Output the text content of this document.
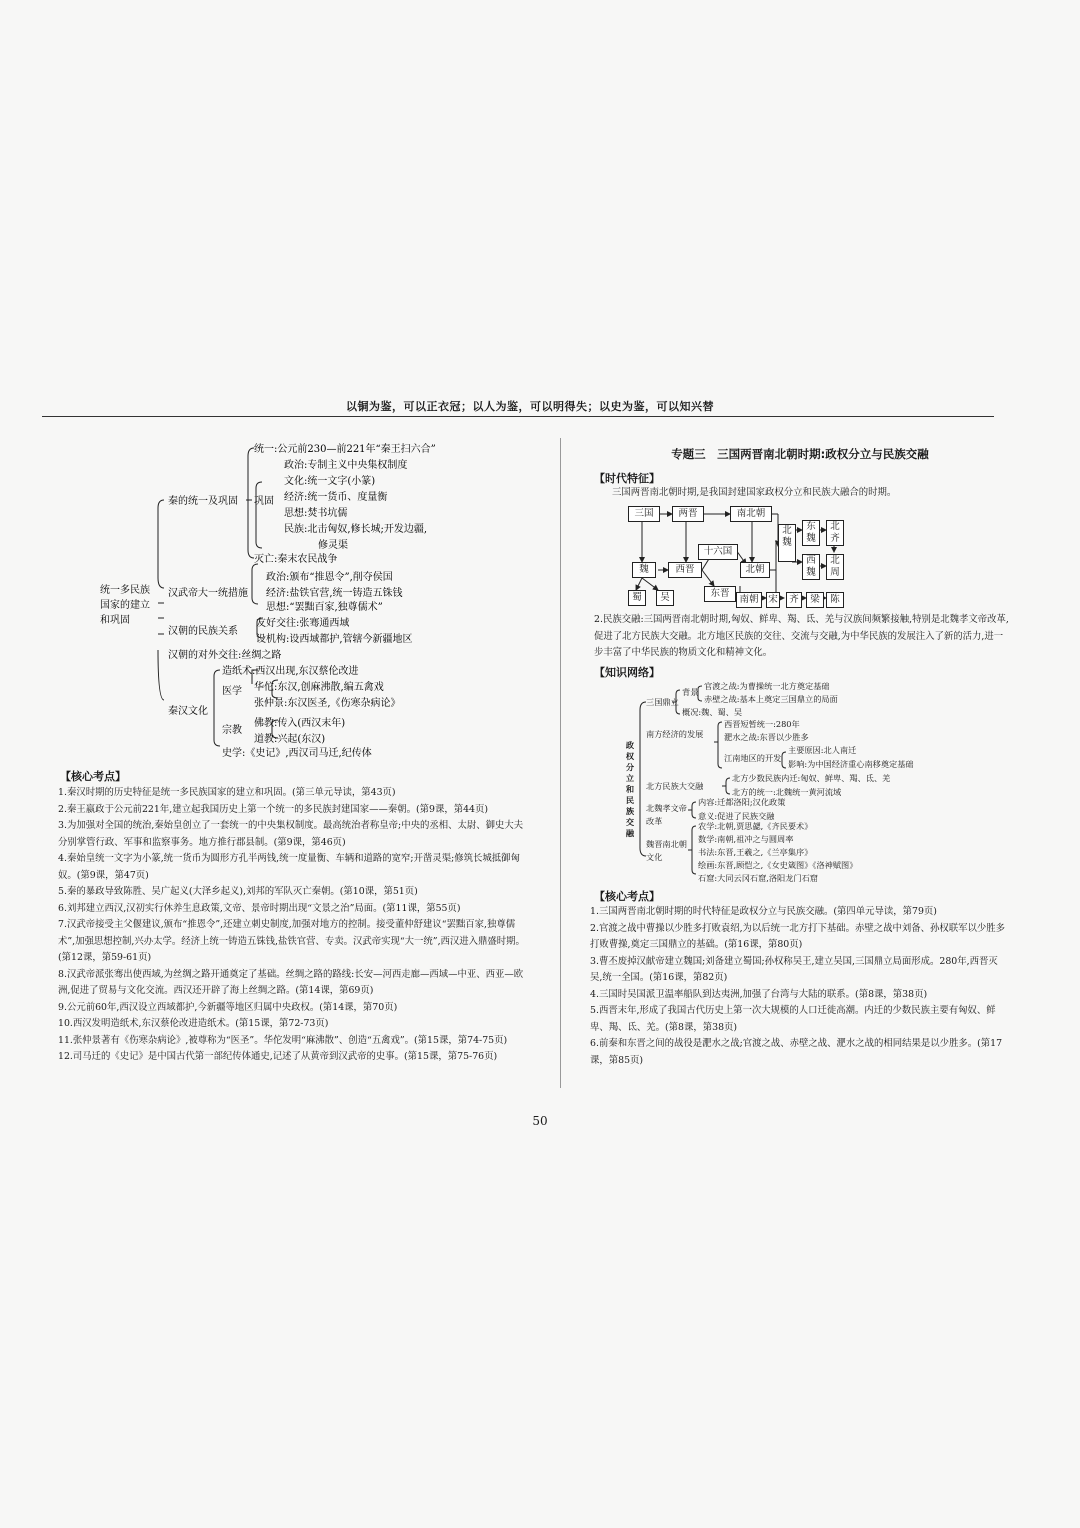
以铜为鉴，可以正衣冠；以人为鉴，可以明得失；以史为鉴，可以知兴替
统一多民族
国家的建立
和巩固
秦的统一及巩固
统一:公元前230—前221年“秦王扫六合”
巩固
政治:专制主义中央集权制度
文化:统一文字(小篆)
经济:统一货币、度量衡
思想:焚书坑儒
民族:北击匈奴,修长城;开发边疆,
修灵渠
灭亡:秦末农民战争
汉武帝大一统措施
政治:颁布“推恩令”,削夺侯国
经济:盐铁官营,统一铸造五铢钱
思想:“罢黜百家,独尊儒术”
汉朝的民族关系
友好交往:张骞通西域
设机构:设西域都护,管辖今新疆地区
汉朝的对外交往:丝绸之路
秦汉文化
造纸术:西汉出现,东汉蔡伦改进
医学 华佗:东汉,创麻沸散,编五禽戏
张仲景:东汉医圣,《伤寒杂病论》
宗教
佛教:传入(西汉末年)
道教:兴起(东汉)
史学:《史记》,西汉司马迁,纪传体
【核心考点】
1.秦汉时期的历史特征是统一多民族国家的建立和巩固。(第三单元导读，第43页)
2.秦王嬴政于公元前221年,建立起我国历史上第一个统一的多民族封建国家——秦朝。(第9课，第44页)
3.为加强对全国的统治,秦始皇创立了一套统一的中央集权制度。最高统治者称皇帝;中央的丞相、太尉、御史大夫分别掌管行政、军事和监察事务。地方推行郡县制。(第9课，第46页)
4.秦始皇统一文字为小篆,统一货币为圆形方孔半两钱,统一度量衡、车辆和道路的宽窄;开凿灵渠;修筑长城抵御匈奴。(第9课，第47页)
5.秦的暴政导致陈胜、吴广起义(大泽乡起义),刘邦的军队灭亡秦朝。(第10课，第51页)
6.刘邦建立西汉,汉初实行休养生息政策,文帝、景帝时期出现“文景之治”局面。(第11课，第55页)
7.汉武帝接受主父偃建议,颁布“推恩令”,还建立刺史制度,加强对地方的控制。接受董仲舒建议“罢黜百家,独尊儒术”,加强思想控制,兴办太学。经济上统一铸造五铢钱,盐铁官营、专卖。汉武帝实现“大一统”,西汉进入鼎盛时期。(第12课，第59-61页)
8.汉武帝派张骞出使西域,为丝绸之路开通奠定了基础。丝绸之路的路线:长安—河西走廊—西域—中亚、西亚—欧洲,促进了贸易与文化交流。西汉还开辟了海上丝绸之路。(第14课，第69页)
9.公元前60年,西汉设立西域都护,今新疆等地区归属中央政权。(第14课，第70页)
10.西汉发明造纸术,东汉蔡伦改进造纸术。(第15课，第72-73页)
11.张仲景著有《伤寒杂病论》,被尊称为“医圣”。华佗发明“麻沸散”、创造“五禽戏”。(第15课，第74-75页)
12.司马迁的《史记》是中国古代第一部纪传体通史,记述了从黄帝到汉武帝的史事。(第15课，第75-76页)
专题三　三国两晋南北朝时期:政权分立与民族交融
【时代特征】
三国两晋南北朝时期,是我国封建国家政权分立和民族大融合的时期。
三国	两晋	南北朝
十六国
魏	西晋	北朝
蜀	吴	东晋
南朝	宋	齐	梁	陈
北
魏
东魏
北齐
西魏
北周
2.民族交融:三国两晋南北朝时期,匈奴、鲜卑、羯、氐、羌与汉族间频繁接触,特别是北魏孝文帝改革,促进了北方民族大交融。北方地区民族的交往、交流与交融,为中华民族的发展注入了新的活力,进一步丰富了中华民族的物质文化和精神文化。
【知识网络】
政权分立和民族交融
三国鼎立
背景
官渡之战:为曹操统一北方奠定基础
赤壁之战:基本上奠定三国鼎立的局面
概况:魏、蜀、吴
南方经济的发展
西晋短暂统一:280年
淝水之战:东晋以少胜多
江南地区的开发
主要原因:北人南迁
影响:为中国经济重心南移奠定基础
北方民族大交融
北方少数民族内迁:匈奴、鲜卑、羯、氐、羌
北方的统一:北魏统一黄河流域
北魏孝文帝改革
内容:迁都洛阳;汉化政策
意义:促进了民族交融
魏晋南北朝文化
农学:北朝,贾思勰,《齐民要术》
数学:南朝,祖冲之与圆周率
书法:东晋,王羲之,《兰亭集序》
绘画:东晋,顾恺之,《女史箴图》《洛神赋图》
石窟:大同云冈石窟,洛阳龙门石窟
【核心考点】
1.三国两晋南北朝时期的时代特征是政权分立与民族交融。(第四单元导读，第79页)
2.官渡之战中曹操以少胜多打败袁绍,为以后统一北方打下基础。赤壁之战中刘备、孙权联军以少胜多打败曹操,奠定三国鼎立的基础。(第16课，第80页)
3.曹丕废掉汉献帝建立魏国;刘备建立蜀国;孙权称吴王,建立吴国,三国鼎立局面形成。280年,西晋灭吴,统一全国。(第16课，第82页)
4.三国时吴国派卫温率船队到达夷洲,加强了台湾与大陆的联系。(第8课，第38页)
5.西晋末年,形成了我国古代历史上第一次大规模的人口迁徙高潮。内迁的少数民族主要有匈奴、鲜卑、羯、氐、羌。(第8课，第38页)
6.前秦和东晋之间的战役是淝水之战;官渡之战、赤壁之战、淝水之战的相同结果是以少胜多。(第17课，第85页)
50
